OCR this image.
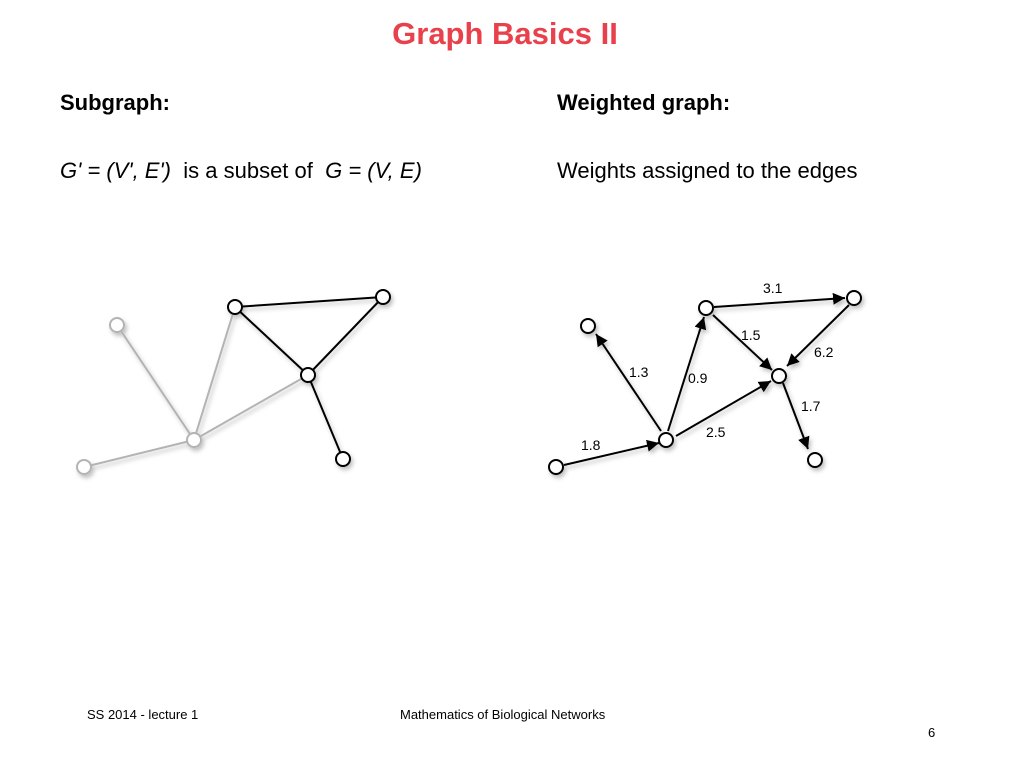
Graph Basics II
Subgraph:
G' = (V', E') is a subset of G = (V, E)
Weighted graph:
Weights assigned to the edges
3.1
1.5
6.2
1.3	0.9
2.5
1.7
1.8
SS 2014 - lecture 1	Mathematics of Biological Networks
6
